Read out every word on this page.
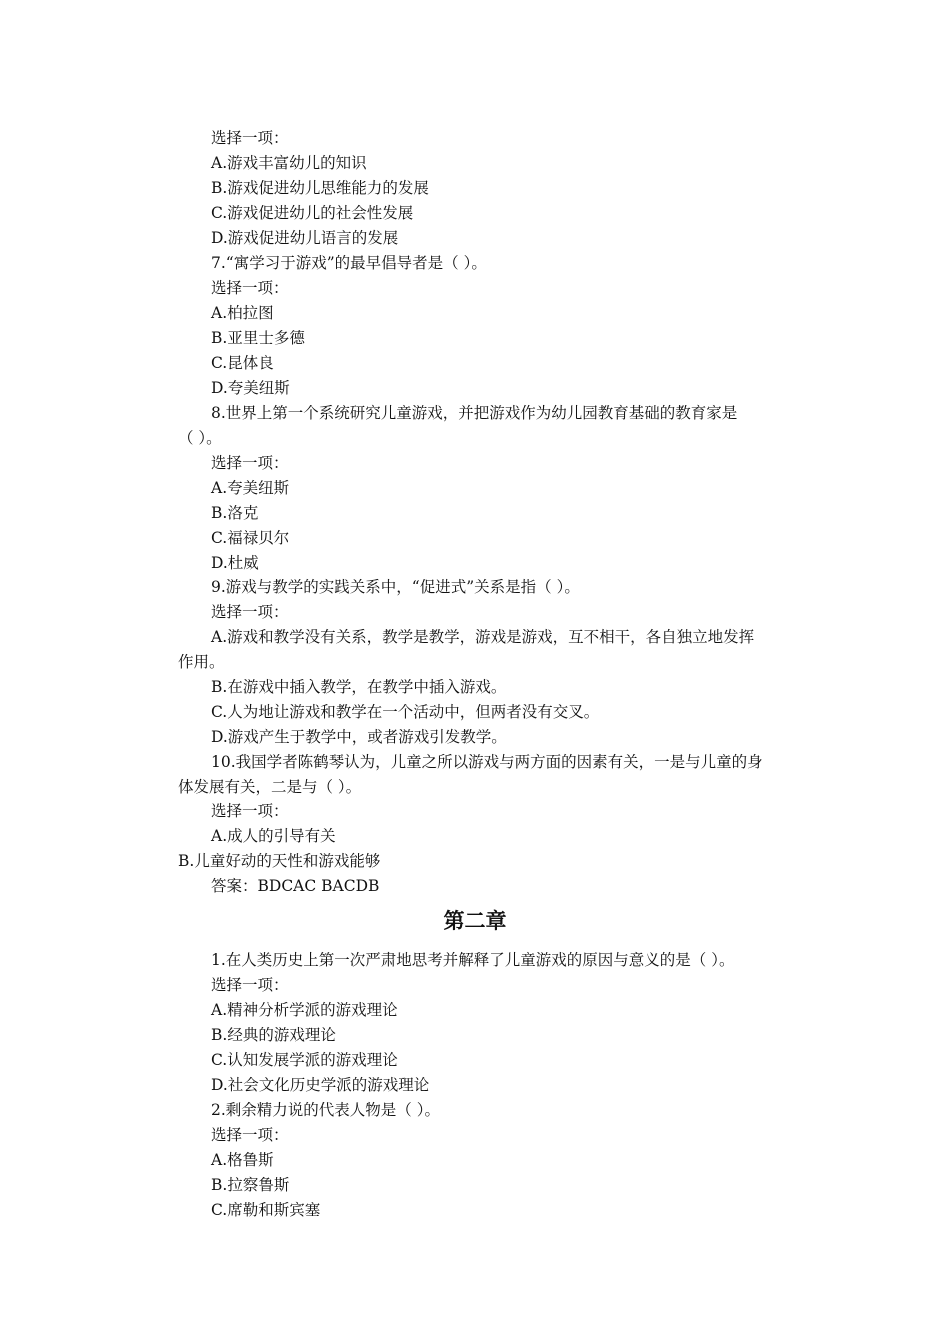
选择一项：
A.游戏丰富幼儿的知识
B.游戏促进幼儿思维能力的发展
C.游戏促进幼儿的社会性发展
D.游戏促进幼儿语言的发展
7.“寓学习于游戏”的最早倡导者是（ ）。
选择一项：
A.柏拉图
B.亚里士多德
C.昆体良
D.夸美纽斯
8.世界上第一个系统研究儿童游戏，并把游戏作为幼儿园教育基础的教育家是
（ ）。
选择一项：
A.夸美纽斯
B.洛克
C.福禄贝尔
D.杜威
9.游戏与教学的实践关系中，“促进式”关系是指（ ）。
选择一项：
A.游戏和教学没有关系，教学是教学，游戏是游戏，互不相干，各自独立地发挥
作用。
B.在游戏中插入教学，在教学中插入游戏。
C.人为地让游戏和教学在一个活动中，但两者没有交叉。
D.游戏产生于教学中，或者游戏引发教学。
10.我国学者陈鹤琴认为，儿童之所以游戏与两方面的因素有关，一是与儿童的身
体发展有关，二是与（ ）。
选择一项：
A.成人的引导有关
B.儿童好动的天性和游戏能够
答案：BDCAC BACDB
第二章
1.在人类历史上第一次严肃地思考并解释了儿童游戏的原因与意义的是（ ）。
选择一项：
A.精神分析学派的游戏理论
B.经典的游戏理论
C.认知发展学派的游戏理论
D.社会文化历史学派的游戏理论
2.剩余精力说的代表人物是（ ）。
选择一项：
A.格鲁斯
B.拉察鲁斯
C.席勒和斯宾塞
